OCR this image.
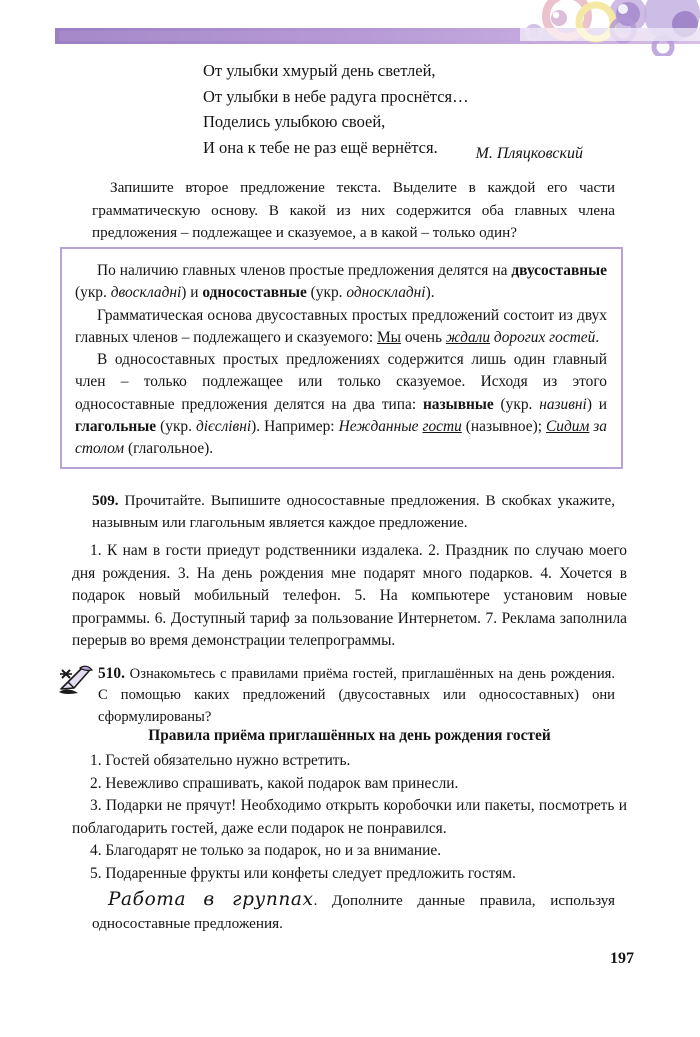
От улыбки хмурый день светлей,
От улыбки в небе радуга проснётся…
Поделись улыбкою своей,
И она к тебе не раз ещё вернётся.	М. Пляцковский
Запишите второе предложение текста. Выделите в каждой его части грамматическую основу. В какой из них содержится оба главных члена предложения – подлежащее и сказуемое, а в какой – только один?

По наличию главных членов простые предложения делятся на двусоставные (укр. двоскладні) и односоставные (укр. односкладні).

Грамматическая основа двусоставных простых предложений состоит из двух главных членов – подлежащего и сказуемого: Мы очень ждали дорогих гостей.

В односоставных простых предложениях содержится лишь один главный член – только подлежащее или только сказуемое. Исходя из этого односоставные предложения делятся на два типа: назывные (укр. називні) и глагольные (укр. дієслівні). Например: Нежданные гости (назывное); Сидим за столом (глагольное).

509. Прочитайте. Выпишите односоставные предложения. В скобках укажите, назывным или глагольным является каждое предложение.
1. К нам в гости приедут родственники издалека. 2. Праздник по случаю моего дня рождения. 3. На день рождения мне подарят много подарков. 4. Хочется в подарок новый мобильный телефон. 5. На компьютере установим новые программы. 6. Доступный тариф за пользование Интернетом. 7. Реклама заполнила перерыв во время демонстрации телепрограммы.
510. Ознакомьтесь с правилами приёма гостей, приглашённых на день рождения. С помощью каких предложений (двусоставных или односоставных) они сформулированы?
Правила приёма приглашённых на день рождения гостей

1. Гостей обязательно нужно встретить.

2. Невежливо спрашивать, какой подарок вам принесли.

3. Подарки не прячут! Необходимо открыть коробочки или пакеты, посмотреть и поблагодарить гостей, даже если подарок не понравился.

4. Благодарят не только за подарок, но и за внимание.

5. Подаренные фрукты или конфеты следует предложить гостям.

Работа в группах. Дополните данные правила, используя односоставные предложения.
197
